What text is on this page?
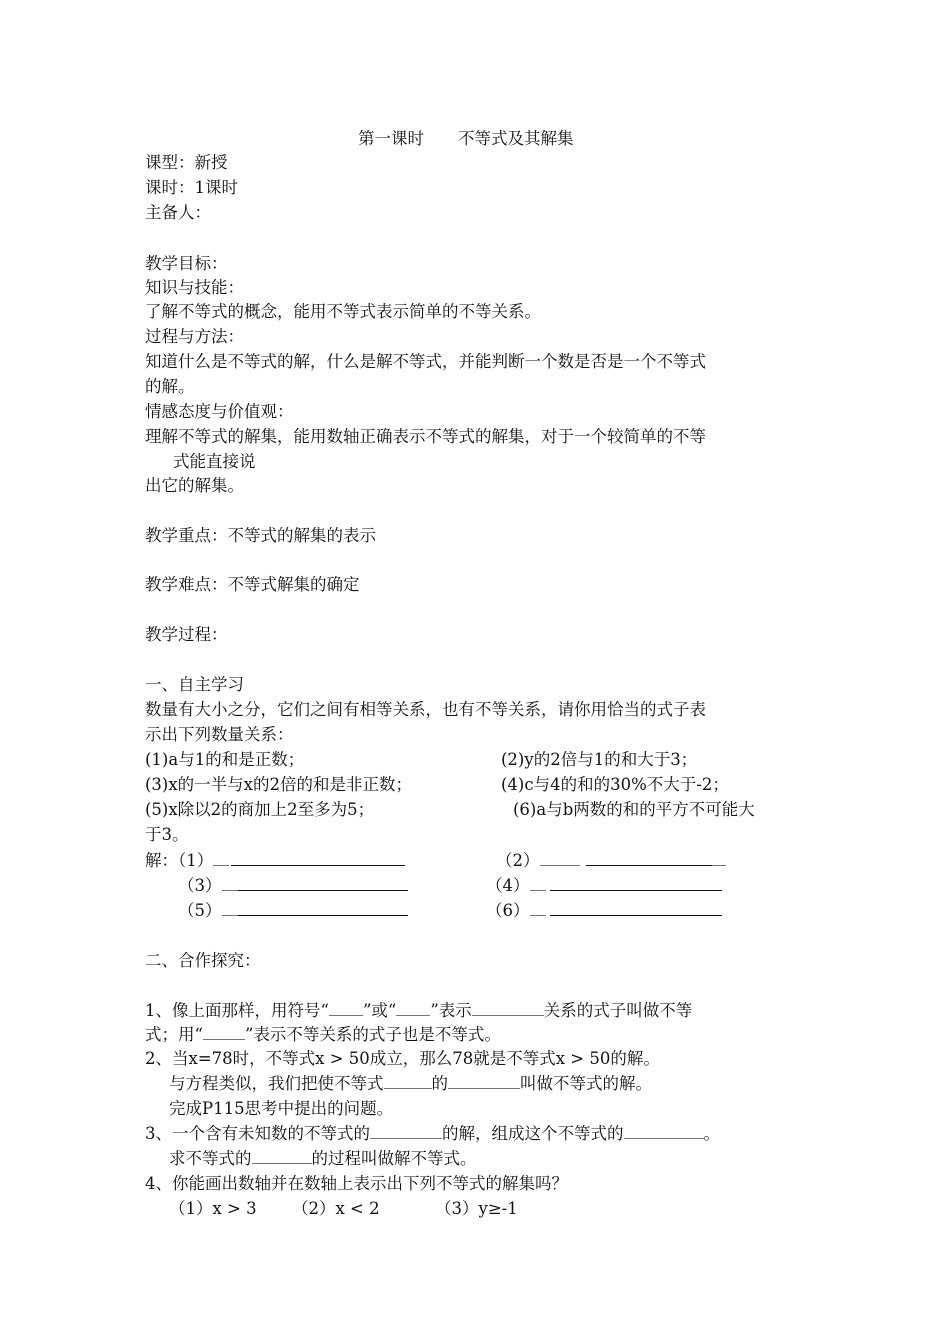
第一课时 不等式及其解集
课型：新授
课时：1课时
主备人：
教学目标：
知识与技能：
了解不等式的概念，能用不等式表示简单的不等关系。
过程与方法：
知道什么是不等式的解，什么是解不等式，并能判断一个数是否是一个不等式
的解。
情感态度与价值观：
理解不等式的解集，能用数轴正确表示不等式的解集，对于一个较简单的不等
式能直接说
出它的解集。
教学重点：不等式的解集的表示
教学难点：不等式解集的确定
教学过程：
一、自主学习
数量有大小之分，它们之间有相等关系，也有不等关系，请你用恰当的式子表
示出下列数量关系：
(1)a与1的和是正数；	(2)y的2倍与1的和大于3；
(3)x的一半与x的2倍的和是非正数；	(4)c与4的和的30%不大于-2；
(5)x除以2的商加上2至多为5；	(6)a与b两数的和的平方不可能大
于3。
解：（1）	（2）
（3）	（4）
（5）	（6）
二、合作探究：
1、像上面那样，用符号“ ”或“ ”表示	关系的式子叫做不等
式；用“	”表示不等关系的式子也是不等式。
2、当x=78时，不等式x > 50成立，那么78就是不等式x > 50的解。
与方程类似，我们把使不等式	的	叫做不等式的解。
完成P115思考中提出的问题。
3、一个含有未知数的不等式的	的解，组成这个不等式的	。
求不等式的	的过程叫做解不等式。
4、你能画出数轴并在数轴上表示出下列不等式的解集吗？
（1）x > 3 （2）x < 2	（3）y≥-1
